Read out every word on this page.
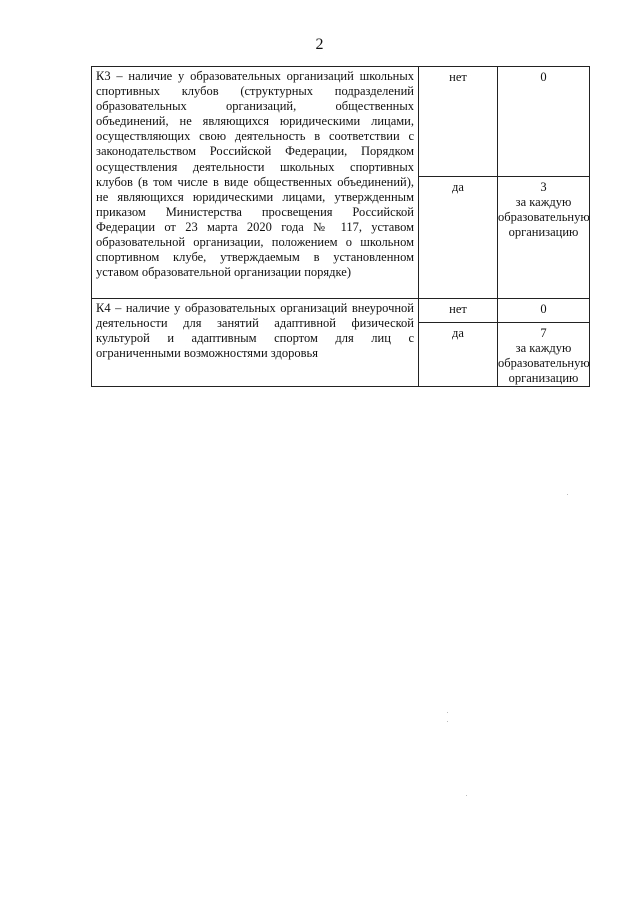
2
К3 – наличие у образовательных организаций школьных спортивных клубов (структурных подразделений образовательных организаций, общественных объединений, не являющихся юридическими лицами, осуществляющих свою деятельность в соответствии с законодательством Российской Федерации, Порядком осуществления деятельности школьных спортивных клубов (в том числе в виде общественных объединений), не являющихся юридическими лицами, утвержденным приказом Министерства просвещения Российской Федерации от 23 марта 2020 года № 117, уставом образовательной организации, положением о школьном спортивном клубе, утверждаемым в установленном уставом образовательной организации порядке)	нет	0

	да	3
за каждую образовательную организацию

К4 – наличие у образовательных организаций внеурочной деятельности для занятий адаптивной физической культурой и адаптивным спортом для лиц с ограниченными возможностями здоровья	нет	0

	да	7
за каждую образовательную организацию
